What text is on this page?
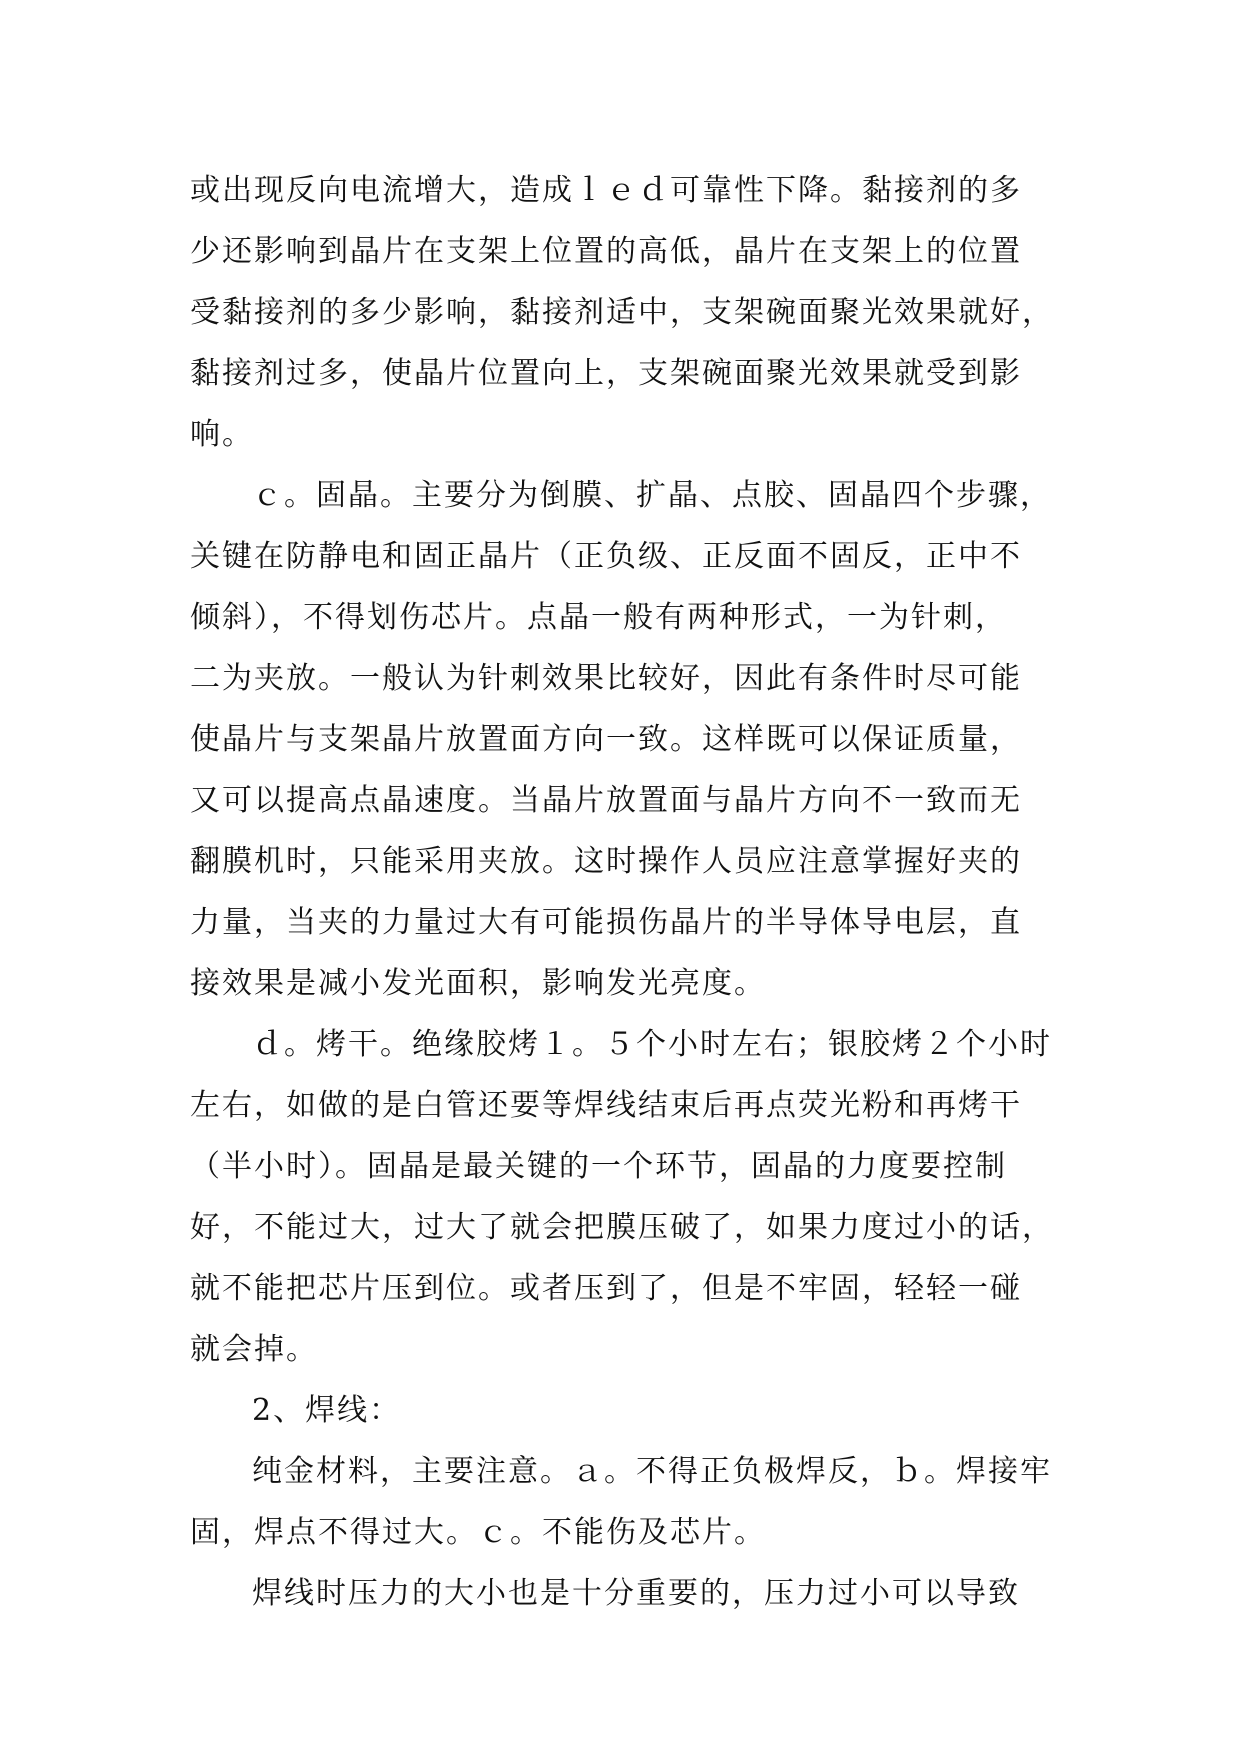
或出现反向电流增大，造成ｌｅｄ可靠性下降。黏接剂的多
少还影响到晶片在支架上位置的高低，晶片在支架上的位置
受黏接剂的多少影响，黏接剂适中，支架碗面聚光效果就好，
黏接剂过多，使晶片位置向上，支架碗面聚光效果就受到影
响。
ｃ。固晶。主要分为倒膜、扩晶、点胶、固晶四个步骤，
关键在防静电和固正晶片（正负级、正反面不固反，正中不
倾斜），不得划伤芯片。点晶一般有两种形式，一为针刺，
二为夹放。一般认为针刺效果比较好，因此有条件时尽可能
使晶片与支架晶片放置面方向一致。这样既可以保证质量，
又可以提高点晶速度。当晶片放置面与晶片方向不一致而无
翻膜机时，只能采用夹放。这时操作人员应注意掌握好夹的
力量，当夹的力量过大有可能损伤晶片的半导体导电层，直
接效果是减小发光面积，影响发光亮度。
ｄ。烤干。绝缘胶烤１。５个小时左右；银胶烤２个小时
左右，如做的是白管还要等焊线结束后再点荧光粉和再烤干
（半小时）。固晶是最关键的一个环节，固晶的力度要控制
好，不能过大，过大了就会把膜压破了，如果力度过小的话，
就不能把芯片压到位。或者压到了，但是不牢固，轻轻一碰
就会掉。
2、焊线：
纯金材料，主要注意。ａ。不得正负极焊反，ｂ。焊接牢
固，焊点不得过大。ｃ。不能伤及芯片。
焊线时压力的大小也是十分重要的，压力过小可以导致
